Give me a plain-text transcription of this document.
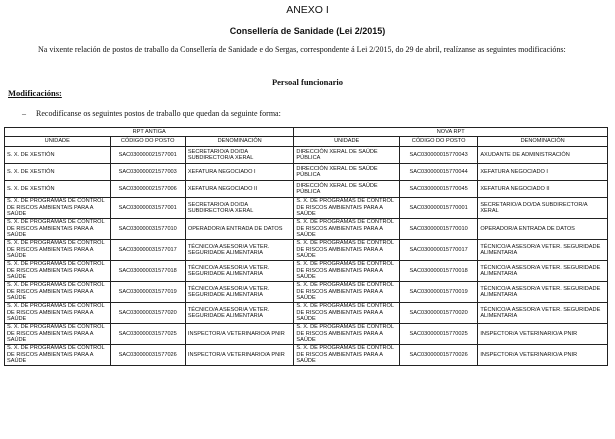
ANEXO I
Consellería de Sanidade (Lei 2/2015)
Na vixente relación de postos de traballo da Consellería de Sanidade e do Sergas, correspondente á Lei 2/2015, do 29 de abril, realízanse as seguintes modificacións:
Persoal funcionario
Modificacións:
– Recodifícanse os seguintes postos de traballo que quedan da seguinte forma:
RPT ANTIGA			NOVA RPT		
UNIDADE	CÓDIGO DO POSTO	DENOMINACIÓN	UNIDADE	CÓDIGO DO POSTO	DENOMINACIÓN
S. X. DE XESTIÓN	SAC030000021577001	SECRETARIO/A DO/DA SUBDIRECTOR/A XERAL	DIRECCIÓN XERAL DE SAÚDE PÚBLICA	SAC030000015770043	AXUDANTE DE ADMINISTRACIÓN
S. X. DE XESTIÓN	SAC030000021577003	XEFATURA NEGOCIADO I	DIRECCIÓN XERAL DE SAÚDE PÚBLICA	SAC030000015770044	XEFATURA NEGOCIADO I
S. X. DE XESTIÓN	SAC030000021577006	XEFATURA NEGOCIADO II	DIRECCIÓN XERAL DE SAÚDE PÚBLICA	SAC030000015770045	XEFATURA NEGOCIADO II
S. X. DE PROGRAMAS DE CONTROL DE RISCOS AMBIENTAIS PARA A SAÚDE	SAC030000031577001	SECRETARIO/A DO/DA SUBDIRECTOR/A XERAL	S. X. DE PROGRAMAS DE CONTROL DE RISCOS AMBIENTAIS PARA A SAÚDE	SAC030000015770001	SECRETARIO/A DO/DA SUBDIRECTOR/A XERAL
S. X. DE PROGRAMAS DE CONTROL DE RISCOS AMBIENTAIS PARA A SAÚDE	SAC030000031577010	OPERADOR/A ENTRADA DE DATOS	S. X. DE PROGRAMAS DE CONTROL DE RISCOS AMBIENTAIS PARA A SAÚDE	SAC030000015770010	OPERADOR/A ENTRADA DE DATOS
S. X. DE PROGRAMAS DE CONTROL DE RISCOS AMBIENTAIS PARA A SAÚDE	SAC030000031577017	TÉCNICO/A ASESOR/A VETER. SEGURIDADE ALIMENTARIA	S. X. DE PROGRAMAS DE CONTROL DE RISCOS AMBIENTAIS PARA A SAÚDE	SAC030000015770017	TÉCNICO/A ASESOR/A VETER. SEGURIDADE ALIMENTARIA
S. X. DE PROGRAMAS DE CONTROL DE RISCOS AMBIENTAIS PARA A SAÚDE	SAC030000031577018	TÉCNICO/A ASESOR/A VETER. SEGURIDADE ALIMENTARIA	S. X. DE PROGRAMAS DE CONTROL DE RISCOS AMBIENTAIS PARA A SAÚDE	SAC030000015770018	TÉCNICO/A ASESOR/A VETER. SEGURIDADE ALIMENTARIA
S. X. DE PROGRAMAS DE CONTROL DE RISCOS AMBIENTAIS PARA A SAÚDE	SAC030000031577019	TÉCNICO/A ASESOR/A VETER. SEGURIDADE ALIMENTARIA	S. X. DE PROGRAMAS DE CONTROL DE RISCOS AMBIENTAIS PARA A SAÚDE	SAC030000015770019	TÉCNICO/A ASESOR/A VETER. SEGURIDADE ALIMENTARIA
S. X. DE PROGRAMAS DE CONTROL DE RISCOS AMBIENTAIS PARA A SAÚDE	SAC030000031577020	TÉCNICO/A ASESOR/A VETER. SEGURIDADE ALIMENTARIA	S. X. DE PROGRAMAS DE CONTROL DE RISCOS AMBIENTAIS PARA A SAÚDE	SAC030000015770020	TÉCNICO/A ASESOR/A VETER. SEGURIDADE ALIMENTARIA
S. X. DE PROGRAMAS DE CONTROL DE RISCOS AMBIENTAIS PARA A SAÚDE	SAC030000031577025	INSPECTOR/A VETERINARIO/A PNIR	S. X. DE PROGRAMAS DE CONTROL DE RISCOS AMBIENTAIS PARA A SAÚDE	SAC030000015770025	INSPECTOR/A VETERINARIO/A PNIR
S. X. DE PROGRAMAS DE CONTROL DE RISCOS AMBIENTAIS PARA A SAÚDE	SAC030000031577026	INSPECTOR/A VETERINARIO/A PNIR	S. X. DE PROGRAMAS DE CONTROL DE RISCOS AMBIENTAIS PARA A SAÚDE	SAC030000015770026	INSPECTOR/A VETERINARIO/A PNIR
